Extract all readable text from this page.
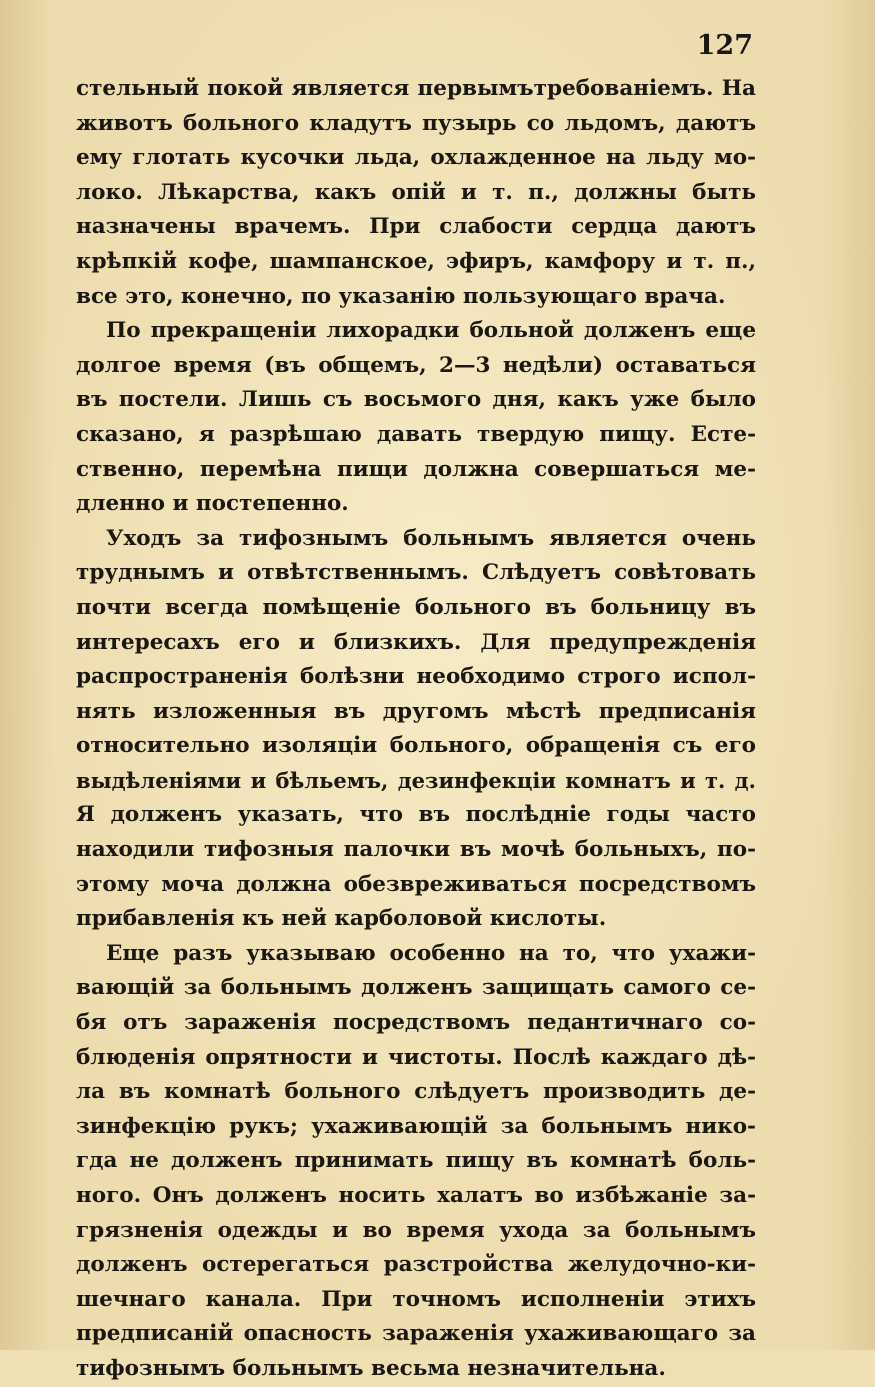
127
стельный покой является первымътребованіемъ. На
животъ больного кладутъ пузырь со льдомъ, даютъ
ему глотать кусочки льда, охлажденное на льду мо-
локо. Лѣкарства, какъ опій и т. п., должны быть
назначены врачемъ. При слабости сердца даютъ
крѣпкій кофе, шампанское, эфиръ, камфору и т. п.,
все это, конечно, по указанію пользующаго врача.
По прекращеніи лихорадки больной долженъ еще
долгое время (въ общемъ, 2—3 недѣли) оставаться
въ постели. Лишь съ восьмого дня, какъ уже было
сказано, я разрѣшаю давать твердую пищу. Есте-
ственно, перемѣна пищи должна совершаться ме-
дленно и постепенно.
Уходъ за тифознымъ больнымъ является очень
труднымъ и отвѣтственнымъ. Слѣдуетъ совѣтовать
почти всегда помѣщеніе больного въ больницу въ
интересахъ его и близкихъ. Для предупрежденія
распространенія болѣзни необходимо строго испол-
нять изложенныя въ другомъ мѣстѣ предписанія
относительно изоляціи больного, обращенія съ его
выдѣленіями и бѣльемъ, дезинфекціи комнатъ и т. д.
Я долженъ указать, что въ послѣдніе годы часто
находили тифозныя палочки въ мочѣ больныхъ, по-
этому моча должна обезвреживаться посредствомъ
прибавленія къ ней карболовой кислоты.
Еще разъ указываю особенно на то, что ухажи-
вающій за больнымъ долженъ защищать самого се-
бя отъ зараженія посредствомъ педантичнаго со-
блюденія опрятности и чистоты. Послѣ каждаго дѣ-
ла въ комнатѣ больного слѣдуетъ производить де-
зинфекцію рукъ; ухаживающій за больнымъ нико-
гда не долженъ принимать пищу въ комнатѣ боль-
ного. Онъ долженъ носить халатъ во избѣжаніе за-
грязненія одежды и во время ухода за больнымъ
долженъ остерегаться разстройства желудочно-ки-
шечнаго канала. При точномъ исполненіи этихъ
предписаній опасность зараженія ухаживающаго за
тифознымъ больнымъ весьма незначительна.
